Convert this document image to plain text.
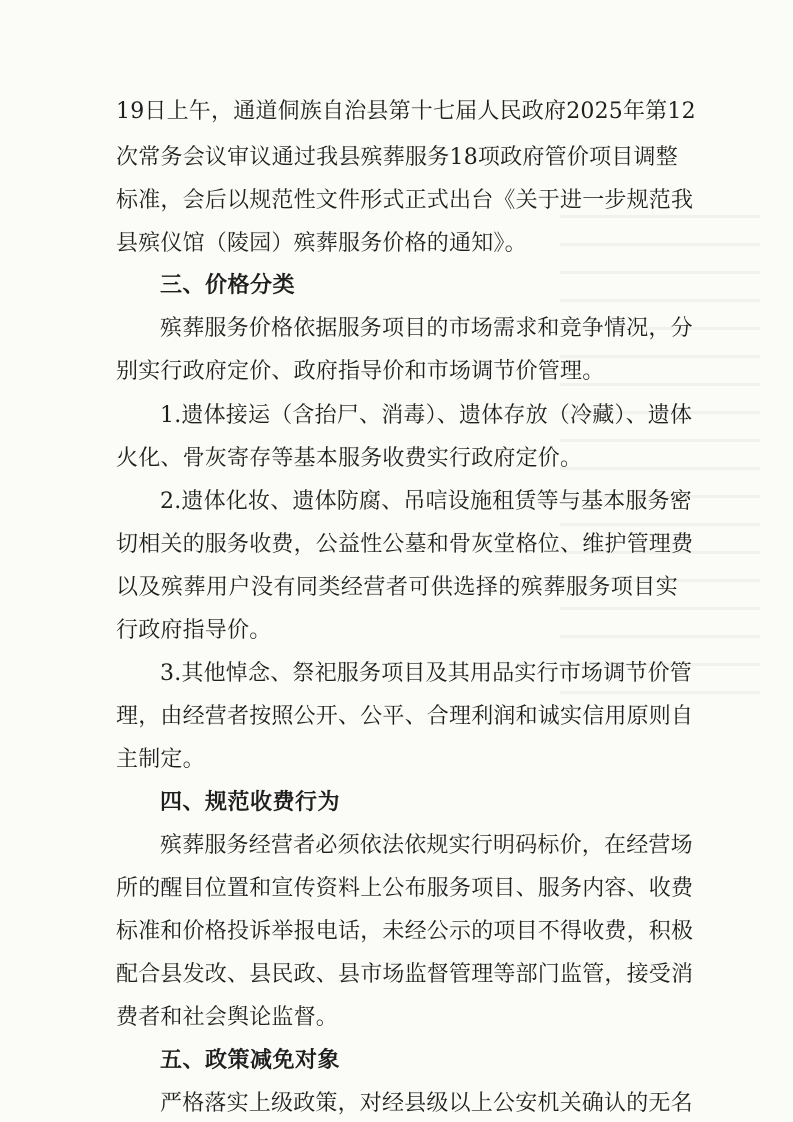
19日上午，通道侗族自治县第十七届人民政府2025年第12
次常务会议审议通过我县殡葬服务18项政府管价项目调整
标准，会后以规范性文件形式正式出台《关于进一步规范我
县殡仪馆（陵园）殡葬服务价格的通知》。
三、价格分类
殡葬服务价格依据服务项目的市场需求和竞争情况，分
别实行政府定价、政府指导价和市场调节价管理。
1.遗体接运（含抬尸、消毒）、遗体存放（冷藏）、遗体
火化、骨灰寄存等基本服务收费实行政府定价。
2.遗体化妆、遗体防腐、吊唁设施租赁等与基本服务密
切相关的服务收费，公益性公墓和骨灰堂格位、维护管理费
以及殡葬用户没有同类经营者可供选择的殡葬服务项目实
行政府指导价。
3.其他悼念、祭祀服务项目及其用品实行市场调节价管
理，由经营者按照公开、公平、合理利润和诚实信用原则自
主制定。
四、规范收费行为
殡葬服务经营者必须依法依规实行明码标价，在经营场
所的醒目位置和宣传资料上公布服务项目、服务内容、收费
标准和价格投诉举报电话，未经公示的项目不得收费，积极
配合县发改、县民政、县市场监督管理等部门监管，接受消
费者和社会舆论监督。
五、政策减免对象
严格落实上级政策，对经县级以上公安机关确认的无名
